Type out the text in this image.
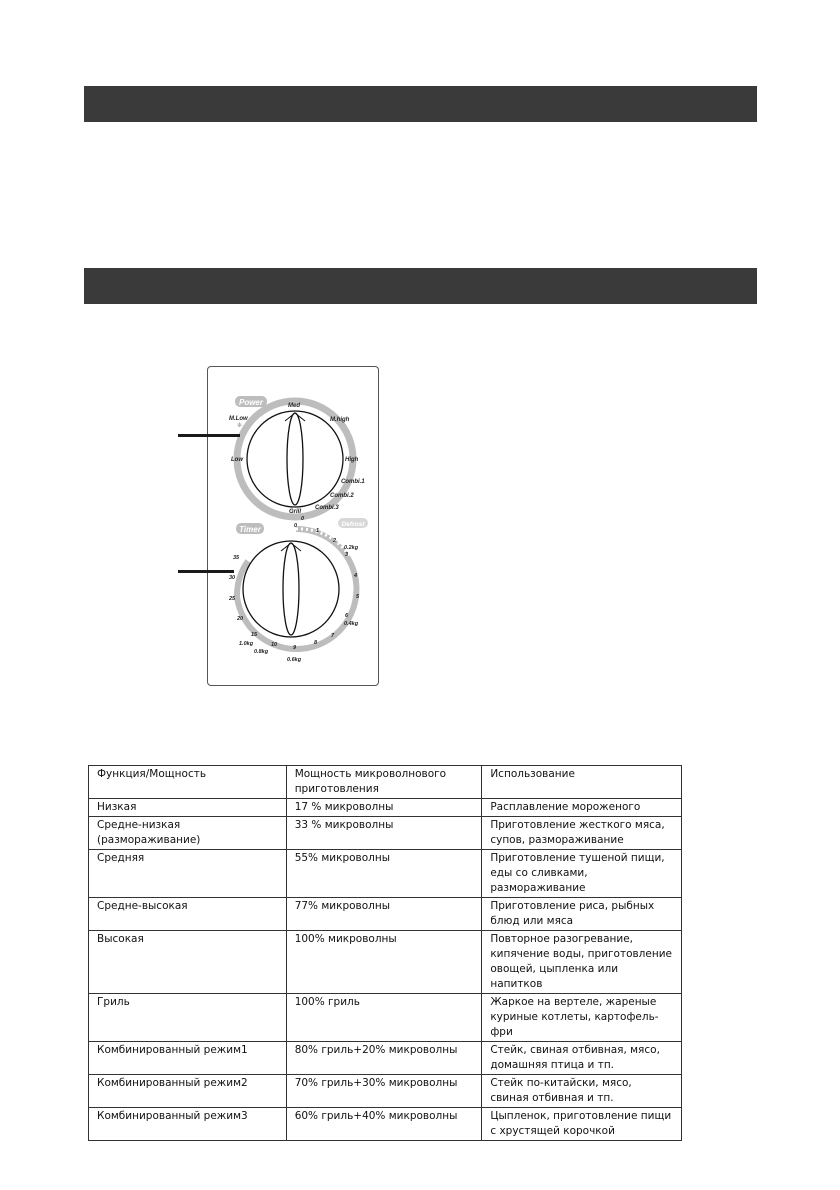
Power
M.Low
✻
Med
M.high
Low	High
Combi.1
Combi.2
Combi.3
Grill
Timer
Defrost
0
0
1
2
0.2kg
3
4
5
6
0.4kg
7
8
9
0.6kg
10
0.8kg
15
1.0kg
20
25
30
35
Функция/Мощность	Мощность микроволнового приготовления	Использование
Низкая	17 % микроволны	Расплавление мороженого
Средне-низкая (размораживание)	33 % микроволны	Приготовление жесткого мяса, супов, размораживание
Средняя	55% микроволны	Приготовление тушеной пищи, еды со сливками, размораживание
Средне-высокая	77% микроволны	Приготовление риса, рыбных блюд или мяса
Высокая	100% микроволны	Повторное разогревание, кипячение воды, приготовление овощей, цыпленка или напитков
Гриль	100% гриль	Жаркое на вертеле, жареные куриные котлеты, картофель-фри
Комбинированный режим1	80% гриль+20% микроволны	Стейк, свиная отбивная, мясо, домашняя птица и тп.
Комбинированный режим2	70% гриль+30% микроволны	Стейк по-китайски, мясо, свиная отбивная и тп.
Комбинированный режим3	60% гриль+40% микроволны	Цыпленок, приготовление пищи с хрустящей корочкой
